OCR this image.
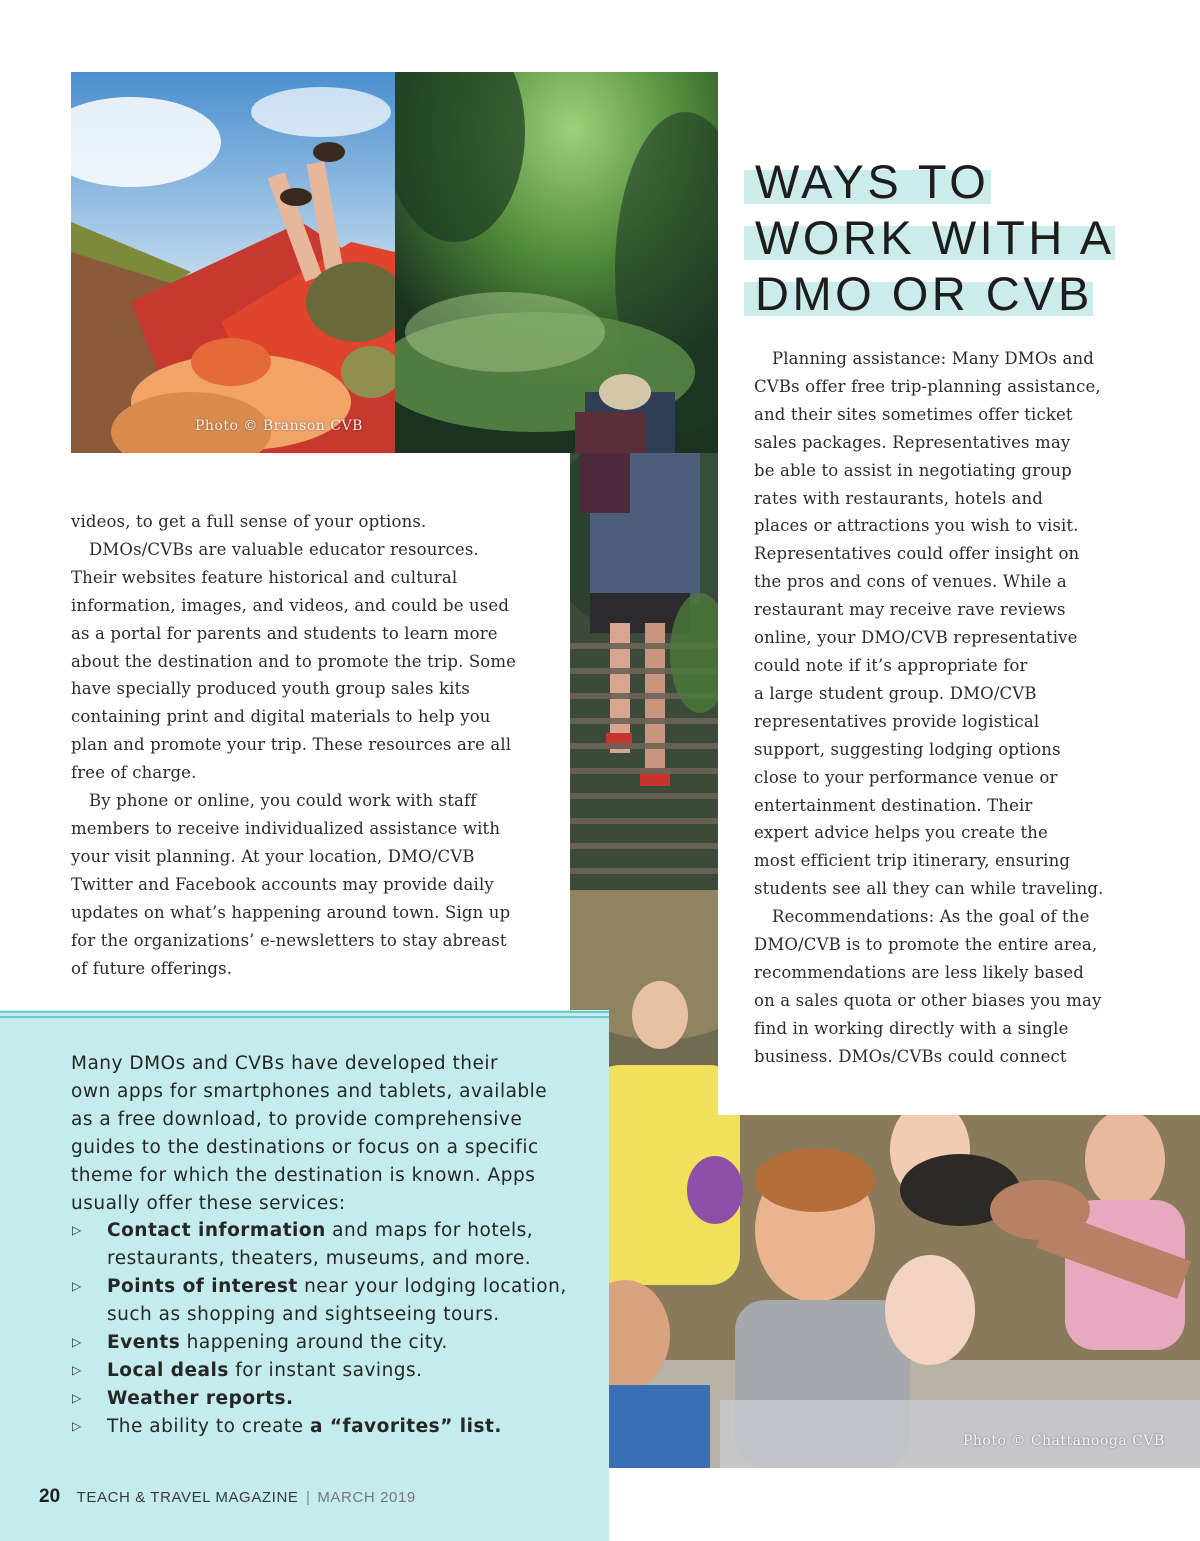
Photo © Branson CVB
Photo © Chattanooga CVB
WAYS TO
WORK WITH A
DMO OR CVB
videos, to get a full sense of your options.
DMOs/CVBs are valuable educator resources.
Their websites feature historical and cultural
information, images, and videos, and could be used
as a portal for parents and students to learn more
about the destination and to promote the trip. Some
have specially produced youth group sales kits
containing print and digital materials to help you
plan and promote your trip. These resources are all
free of charge.
By phone or online, you could work with staff
members to receive individualized assistance with
your visit planning. At your location, DMO/CVB
Twitter and Facebook accounts may provide daily
updates on what’s happening around town. Sign up
for the organizations’ e-newsletters to stay abreast
of future offerings.
Planning assistance: Many DMOs and
CVBs offer free trip-planning assistance,
and their sites sometimes offer ticket
sales packages. Representatives may
be able to assist in negotiating group
rates with restaurants, hotels and
places or attractions you wish to visit.
Representatives could offer insight on
the pros and cons of venues. While a
restaurant may receive rave reviews
online, your DMO/CVB representative
could note if it’s appropriate for
a large student group. DMO/CVB
representatives provide logistical
support, suggesting lodging options
close to your performance venue or
entertainment destination. Their
expert advice helps you create the
most efficient trip itinerary, ensuring
students see all they can while traveling.
Recommendations: As the goal of the
DMO/CVB is to promote the entire area,
recommendations are less likely based
on a sales quota or other biases you may
find in working directly with a single
business. DMOs/CVBs could connect
Many DMOs and CVBs have developed their
own apps for smartphones and tablets, available
as a free download, to provide comprehensive
guides to the destinations or focus on a specific
theme for which the destination is known. Apps
usually offer these services:
▷ Contact information and maps for hotels,
restaurants, theaters, museums, and more.
▷ Points of interest near your lodging location,
such as shopping and sightseeing tours.
▷ Events happening around the city.
▷ Local deals for instant savings.
▷ Weather reports.
▷ The ability to create a “favorites” list.
20 TEACH & TRAVEL MAGAZINE | MARCH 2019
